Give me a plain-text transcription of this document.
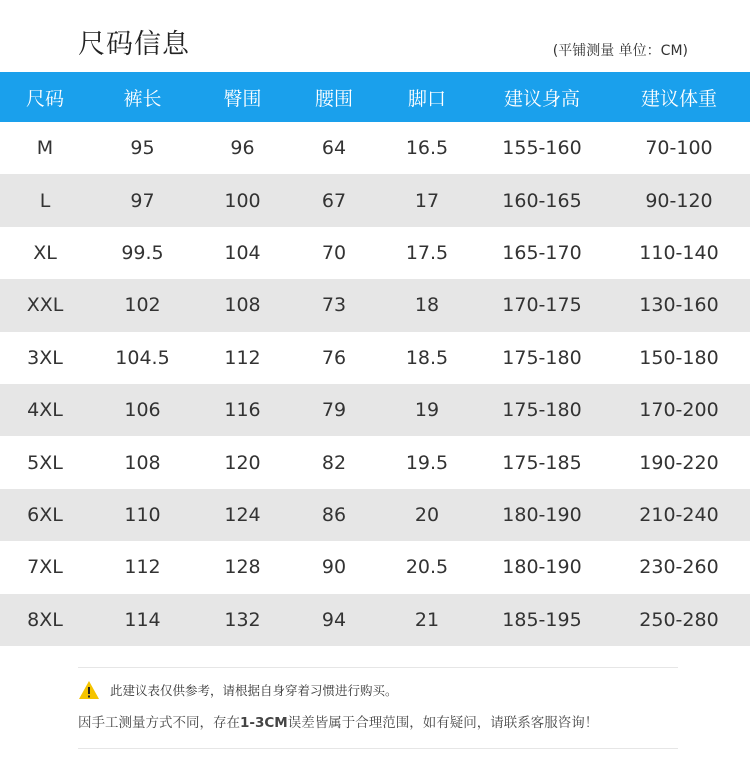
尺码信息	(平铺测量 单位：CM)
尺码	裤长	臀围	腰围	脚口	建议身高	建议体重
M	95	96	64	16.5	155-160	70-100
L	97	100	67	17	160-165	90-120
XL	99.5	104	70	17.5	165-170	110-140
XXL	102	108	73	18	170-175	130-160
3XL	104.5	112	76	18.5	175-180	150-180
4XL	106	116	79	19	175-180	170-200
5XL	108	120	82	19.5	175-185	190-220
6XL	110	124	86	20	180-190	210-240
7XL	112	128	90	20.5	180-190	230-260
8XL	114	132	94	21	185-195	250-280
此建议表仅供参考，请根据自身穿着习惯进行购买。
因手工测量方式不同，存在1-3CM误差皆属于合理范围，如有疑问，请联系客服咨询！
